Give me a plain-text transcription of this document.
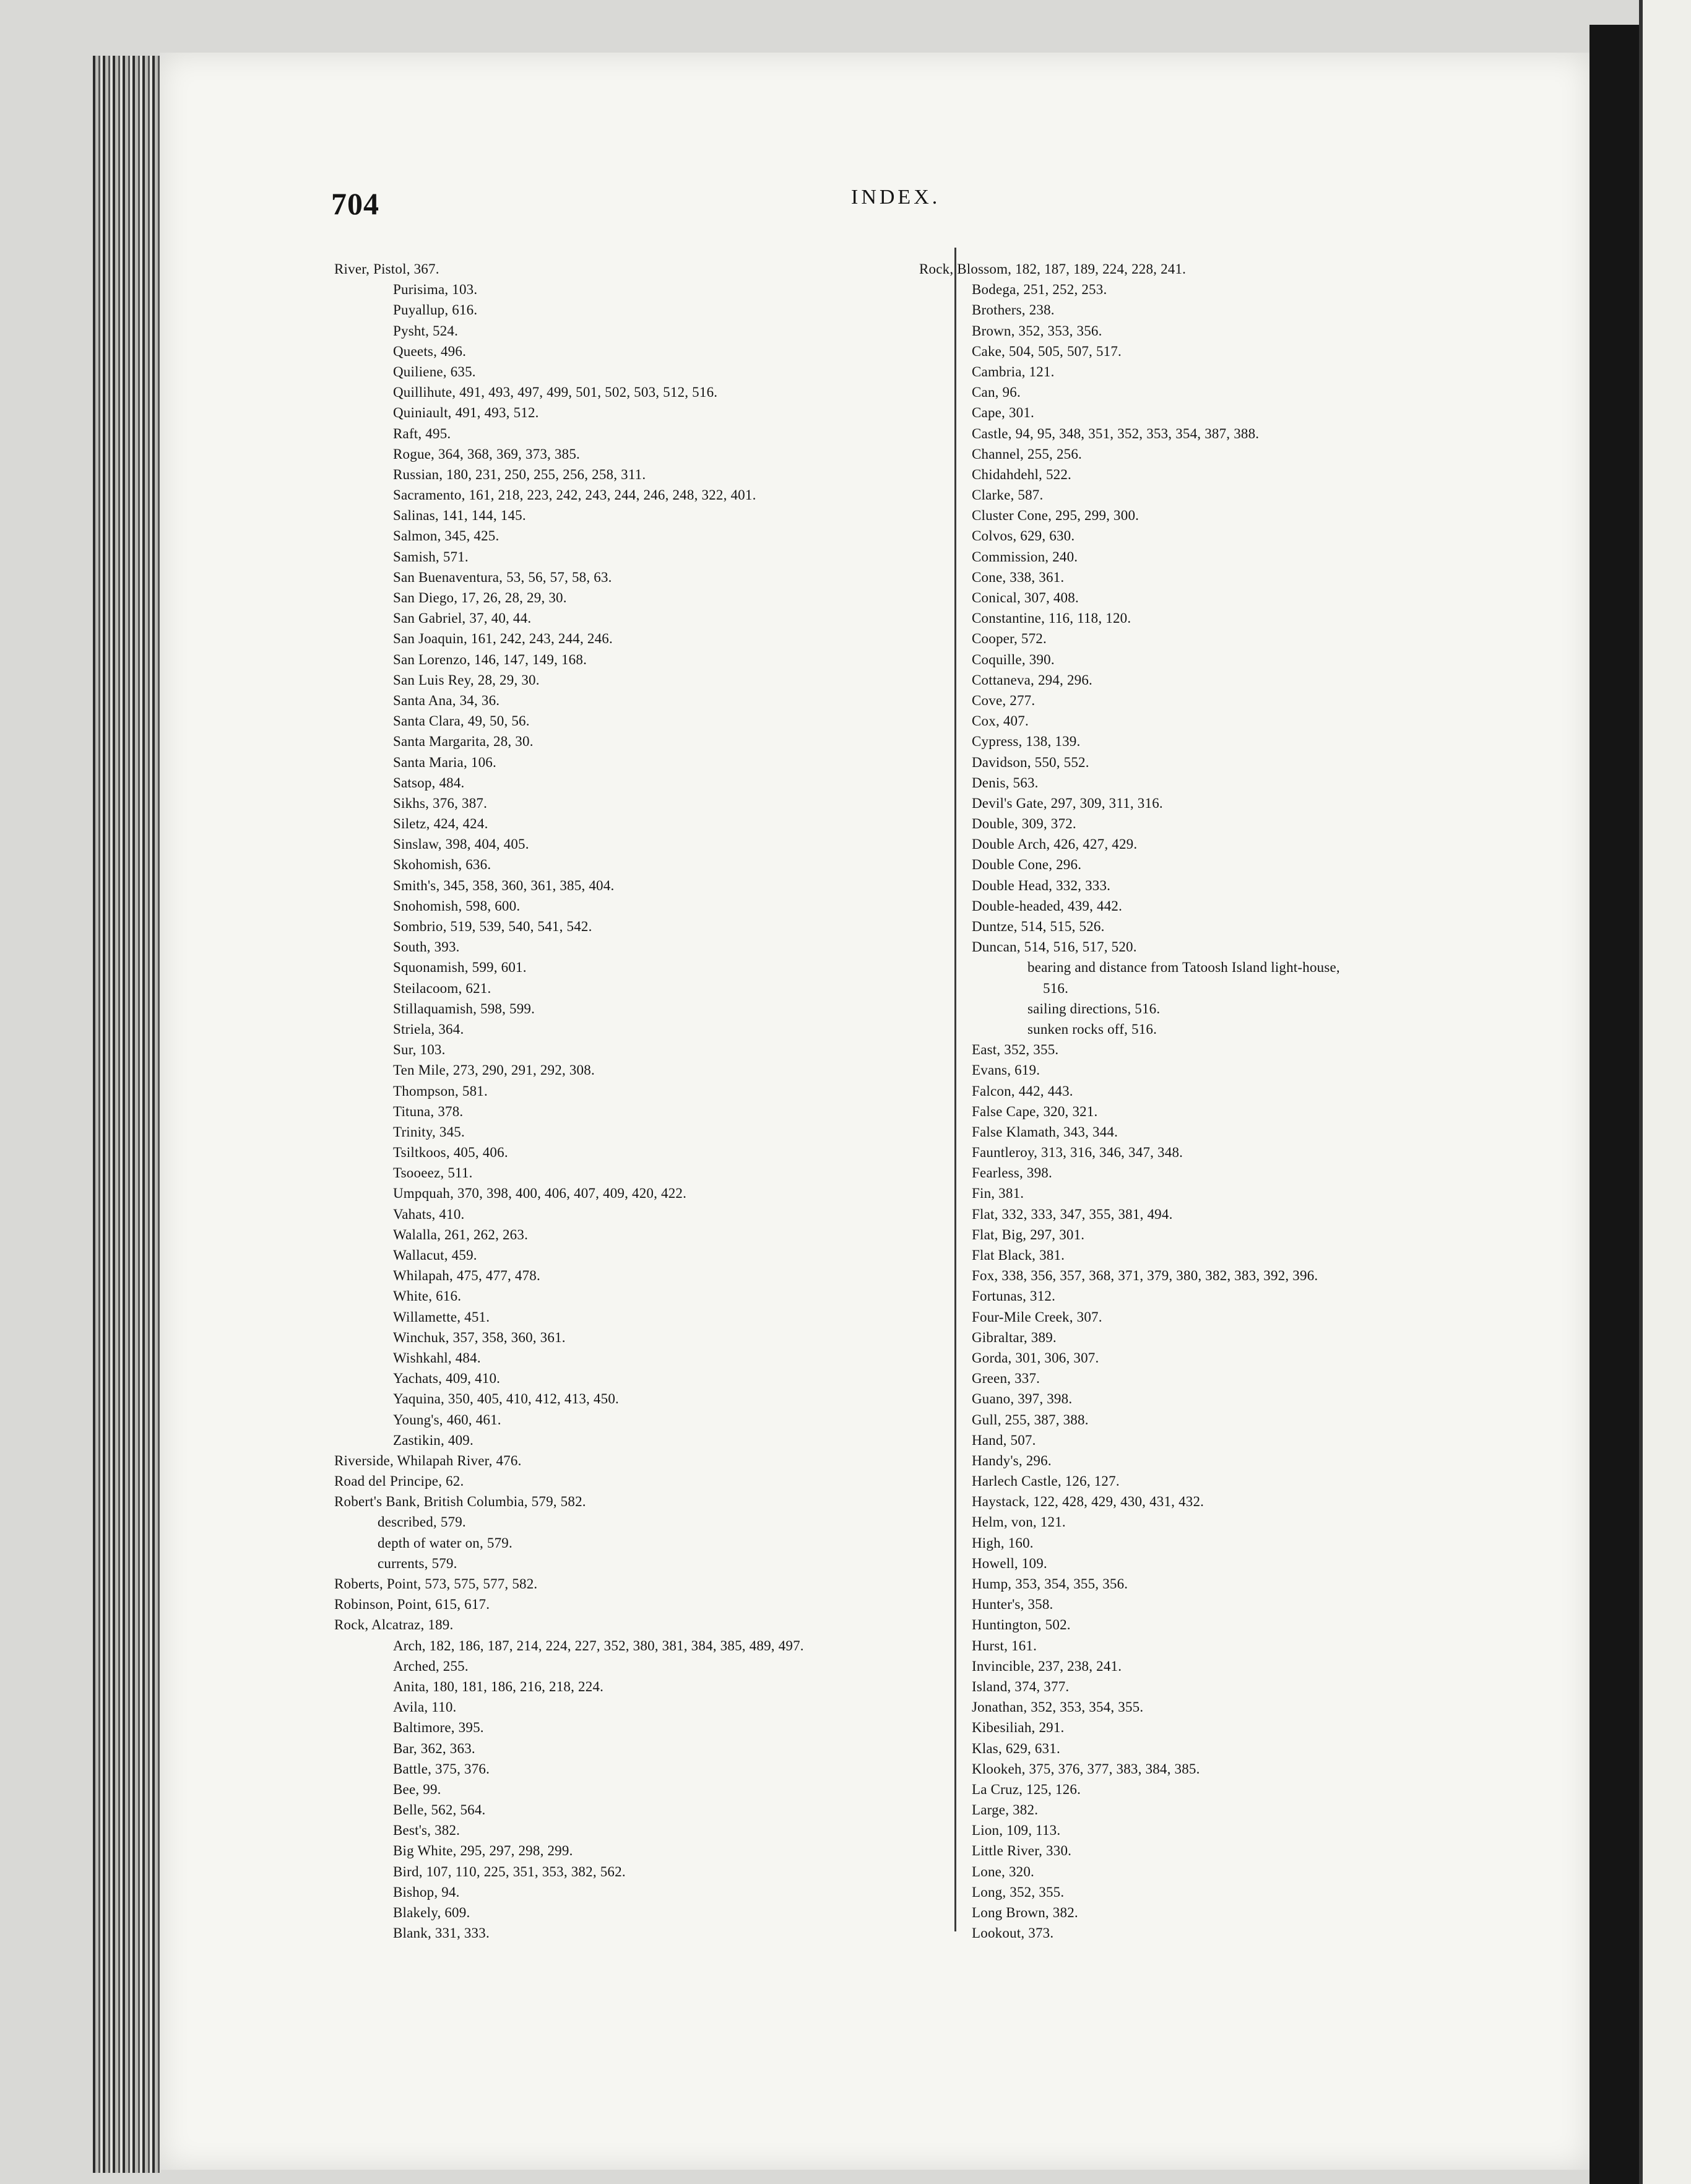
704	INDEX.
River, Pistol, 367.
Purisima, 103.
Puyallup, 616.
Pysht, 524.
Queets, 496.
Quiliene, 635.
Quillihute, 491, 493, 497, 499, 501, 502, 503, 512, 516.
Quiniault, 491, 493, 512.
Raft, 495.
Rogue, 364, 368, 369, 373, 385.
Russian, 180, 231, 250, 255, 256, 258, 311.
Sacramento, 161, 218, 223, 242, 243, 244, 246, 248, 322, 401.
Salinas, 141, 144, 145.
Salmon, 345, 425.
Samish, 571.
San Buenaventura, 53, 56, 57, 58, 63.
San Diego, 17, 26, 28, 29, 30.
San Gabriel, 37, 40, 44.
San Joaquin, 161, 242, 243, 244, 246.
San Lorenzo, 146, 147, 149, 168.
San Luis Rey, 28, 29, 30.
Santa Ana, 34, 36.
Santa Clara, 49, 50, 56.
Santa Margarita, 28, 30.
Santa Maria, 106.
Satsop, 484.
Sikhs, 376, 387.
Siletz, 424, 424.
Sinslaw, 398, 404, 405.
Skohomish, 636.
Smith's, 345, 358, 360, 361, 385, 404.
Snohomish, 598, 600.
Sombrio, 519, 539, 540, 541, 542.
South, 393.
Squonamish, 599, 601.
Steilacoom, 621.
Stillaquamish, 598, 599.
Striela, 364.
Sur, 103.
Ten Mile, 273, 290, 291, 292, 308.
Thompson, 581.
Tituna, 378.
Trinity, 345.
Tsiltkoos, 405, 406.
Tsooeez, 511.
Umpquah, 370, 398, 400, 406, 407, 409, 420, 422.
Vahats, 410.
Walalla, 261, 262, 263.
Wallacut, 459.
Whilapah, 475, 477, 478.
White, 616.
Willamette, 451.
Winchuk, 357, 358, 360, 361.
Wishkahl, 484.
Yachats, 409, 410.
Yaquina, 350, 405, 410, 412, 413, 450.
Young's, 460, 461.
Zastikin, 409.
Riverside, Whilapah River, 476.
Road del Principe, 62.
Robert's Bank, British Columbia, 579, 582.
described, 579.
depth of water on, 579.
currents, 579.
Roberts, Point, 573, 575, 577, 582.
Robinson, Point, 615, 617.
Rock, Alcatraz, 189.
Arch, 182, 186, 187, 214, 224, 227, 352, 380, 381, 384, 385, 489, 497.
Arched, 255.
Anita, 180, 181, 186, 216, 218, 224.
Avila, 110.
Baltimore, 395.
Bar, 362, 363.
Battle, 375, 376.
Bee, 99.
Belle, 562, 564.
Best's, 382.
Big White, 295, 297, 298, 299.
Bird, 107, 110, 225, 351, 353, 382, 562.
Bishop, 94.
Blakely, 609.
Blank, 331, 333.
Rock, Blossom, 182, 187, 189, 224, 228, 241.
Bodega, 251, 252, 253.
Brothers, 238.
Brown, 352, 353, 356.
Cake, 504, 505, 507, 517.
Cambria, 121.
Can, 96.
Cape, 301.
Castle, 94, 95, 348, 351, 352, 353, 354, 387, 388.
Channel, 255, 256.
Chidahdehl, 522.
Clarke, 587.
Cluster Cone, 295, 299, 300.
Colvos, 629, 630.
Commission, 240.
Cone, 338, 361.
Conical, 307, 408.
Constantine, 116, 118, 120.
Cooper, 572.
Coquille, 390.
Cottaneva, 294, 296.
Cove, 277.
Cox, 407.
Cypress, 138, 139.
Davidson, 550, 552.
Denis, 563.
Devil's Gate, 297, 309, 311, 316.
Double, 309, 372.
Double Arch, 426, 427, 429.
Double Cone, 296.
Double Head, 332, 333.
Double-headed, 439, 442.
Duntze, 514, 515, 526.
Duncan, 514, 516, 517, 520.
bearing and distance from Tatoosh Island light-house,
516.
sailing directions, 516.
sunken rocks off, 516.
East, 352, 355.
Evans, 619.
Falcon, 442, 443.
False Cape, 320, 321.
False Klamath, 343, 344.
Fauntleroy, 313, 316, 346, 347, 348.
Fearless, 398.
Fin, 381.
Flat, 332, 333, 347, 355, 381, 494.
Flat, Big, 297, 301.
Flat Black, 381.
Fox, 338, 356, 357, 368, 371, 379, 380, 382, 383, 392, 396.
Fortunas, 312.
Four-Mile Creek, 307.
Gibraltar, 389.
Gorda, 301, 306, 307.
Green, 337.
Guano, 397, 398.
Gull, 255, 387, 388.
Hand, 507.
Handy's, 296.
Harlech Castle, 126, 127.
Haystack, 122, 428, 429, 430, 431, 432.
Helm, von, 121.
High, 160.
Howell, 109.
Hump, 353, 354, 355, 356.
Hunter's, 358.
Huntington, 502.
Hurst, 161.
Invincible, 237, 238, 241.
Island, 374, 377.
Jonathan, 352, 353, 354, 355.
Kibesiliah, 291.
Klas, 629, 631.
Klookeh, 375, 376, 377, 383, 384, 385.
La Cruz, 125, 126.
Large, 382.
Lion, 109, 113.
Little River, 330.
Lone, 320.
Long, 352, 355.
Long Brown, 382.
Lookout, 373.
